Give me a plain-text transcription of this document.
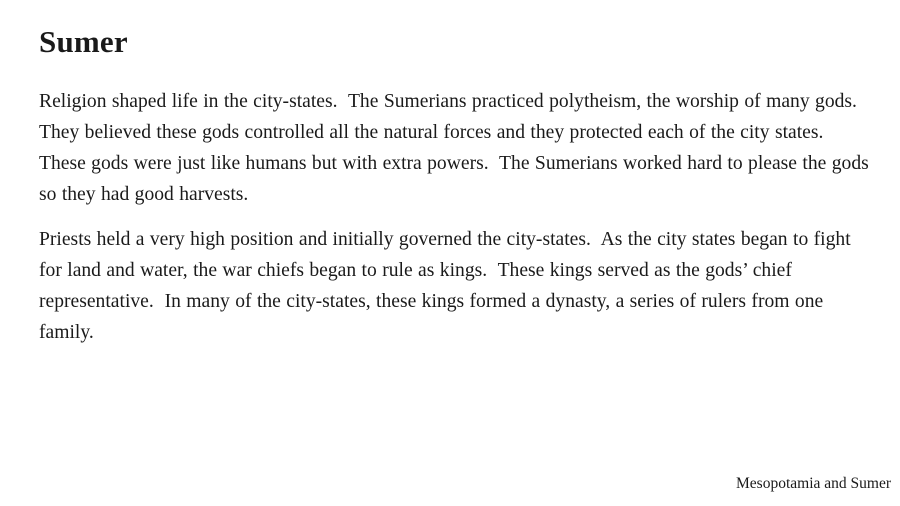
Sumer

Religion shaped life in the city-states.  The Sumerians practiced polytheism, the worship of many gods.  They believed these gods controlled all the natural forces and they protected each of the city states.  These gods were just like humans but with extra powers.  The Sumerians worked hard to please the gods so they had good harvests.

Priests held a very high position and initially governed the city-states.  As the city states began to fight for land and water, the war chiefs began to rule as kings.  These kings served as the gods’ chief representative.  In many of the city-states, these kings formed a dynasty, a series of rulers from one family.

Mesopotamia and Sumer
